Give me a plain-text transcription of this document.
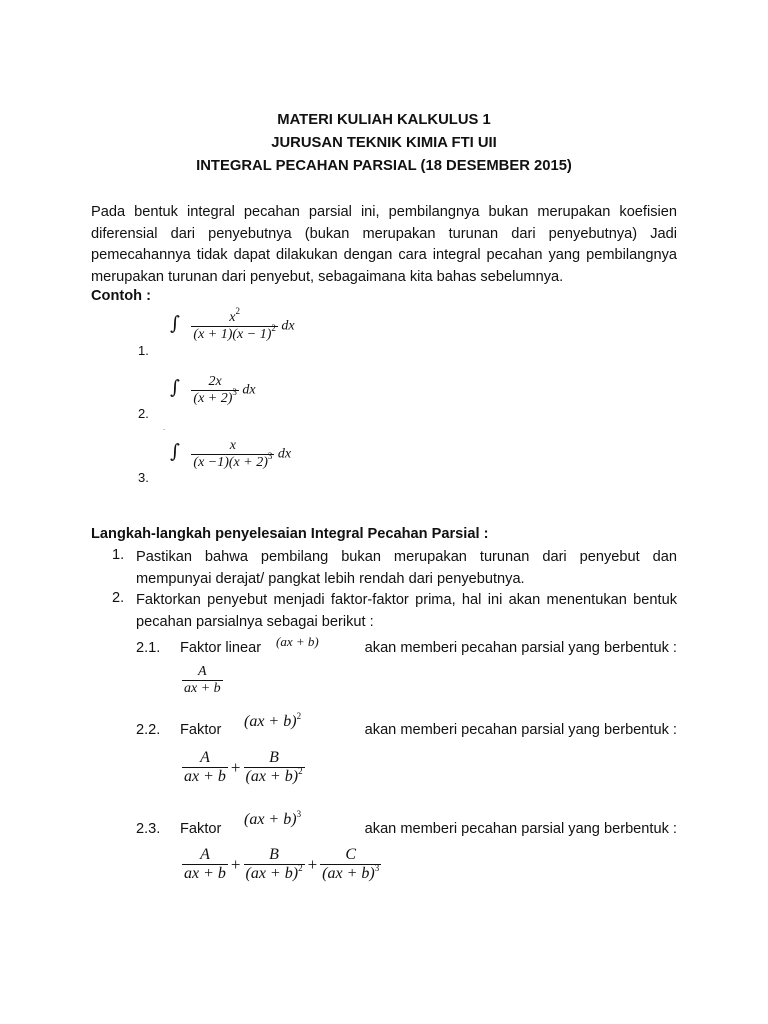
MATERI KULIAH KALKULUS 1
JURUSAN TEKNIK KIMIA FTI UII
INTEGRAL PECAHAN PARSIAL (18 DESEMBER 2015)
Pada bentuk integral pecahan parsial ini, pembilangnya bukan merupakan koefisien diferensial dari penyebutnya (bukan merupakan turunan dari penyebutnya) Jadi pemecahannya tidak dapat dilakukan dengan cara integral pecahan yang pembilangnya merupakan turunan dari penyebut, sebagaimana kita bahas sebelumnya.
Contoh :
1.
∫ $\frac{x^2}{(x + 1)(x - 1)^2}$ dx
2.
∫ $\frac{2x}{(x + 2)^3}$ dx
.
3.
∫ $\frac{x}{(x -1)(x + 2)^3}$ dx
Langkah-langkah penyelesaian Integral Pecahan Parsial :
1. Pastikan bahwa pembilang bukan merupakan turunan dari penyebut dan mempunyai derajat/ pangkat lebih rendah dari penyebutnya.
2. Faktorkan penyebut menjadi faktor-faktor prima, hal ini akan menentukan bentuk pecahan parsialnya sebagai berikut :
2.1. Faktor linear (ax + b)	akan memberi pecahan parsial yang berbentuk :
$\frac{A}{ax + b}$
2.2. Faktor (ax + b)$^2$
akan memberi pecahan parsial yang berbentuk :
$\frac{A}{ax + b} + \frac{B}{(ax + b)^2}$
2.3. Faktor
(ax + b)$^3$
akan memberi pecahan parsial yang berbentuk :
$\frac{A}{ax + b} + \frac{B}{(ax + b)^2} + \frac{C}{(ax + b)^3}$
